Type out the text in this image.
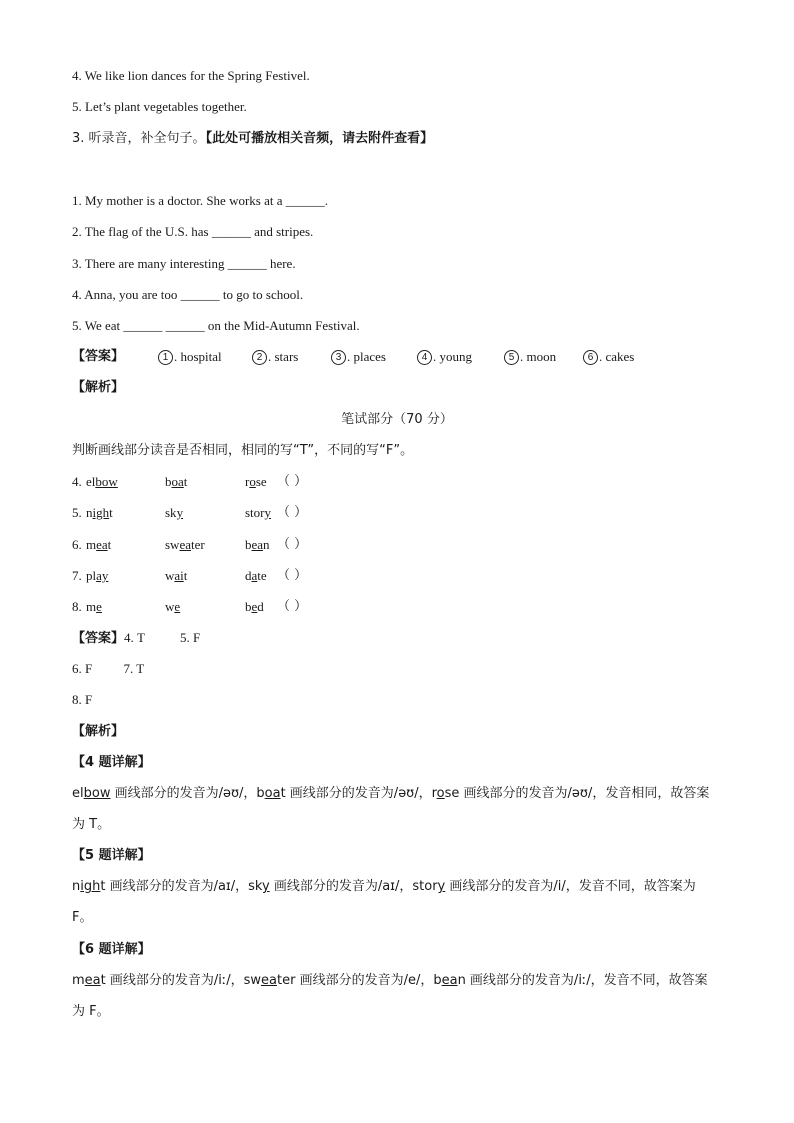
4. We like lion dances for the Spring Festivel.
5. Let’s plant vegetables together.
3. 听录音，补全句子。【此处可播放相关音频，请去附件查看】
1. My mother is a doctor. She works at a ______.
2. The flag of the U.S. has ______ and stripes.
3. There are many interesting ______ here.
4. Anna, you are too ______ to go to school.
5. We eat ______ ______ on the Mid-Autumn Festival.
【答案】	1 . hospital	2 . stars	3 . places	4 . young	5 . moon	6 . cakes
【解析】
笔试部分（70 分）
判断画线部分读音是否相同，相同的写“T”，不同的写“F”。
4. elbow	boat	rose （ ）
5. night	sky	story （ ）
6. meat	sweater	bean （ ）
7. play	wait	date （ ）
8. me	we	bed （ ）
【答案】4. T	5. F
6. F 7. T
8. F
【解析】
【4 题详解】
elbow 画线部分的发音为/əʊ/，boat 画线部分的发音为/əʊ/，rose 画线部分的发音为/əʊ/，发音相同，故答案
为 T。
【5 题详解】
night 画线部分的发音为/aɪ/，sky 画线部分的发音为/aɪ/，story 画线部分的发音为/i/，发音不同，故答案为
F。
【6 题详解】
meat 画线部分的发音为/iː/，sweater 画线部分的发音为/e/，bean 画线部分的发音为/iː/，发音不同，故答案
为 F。
